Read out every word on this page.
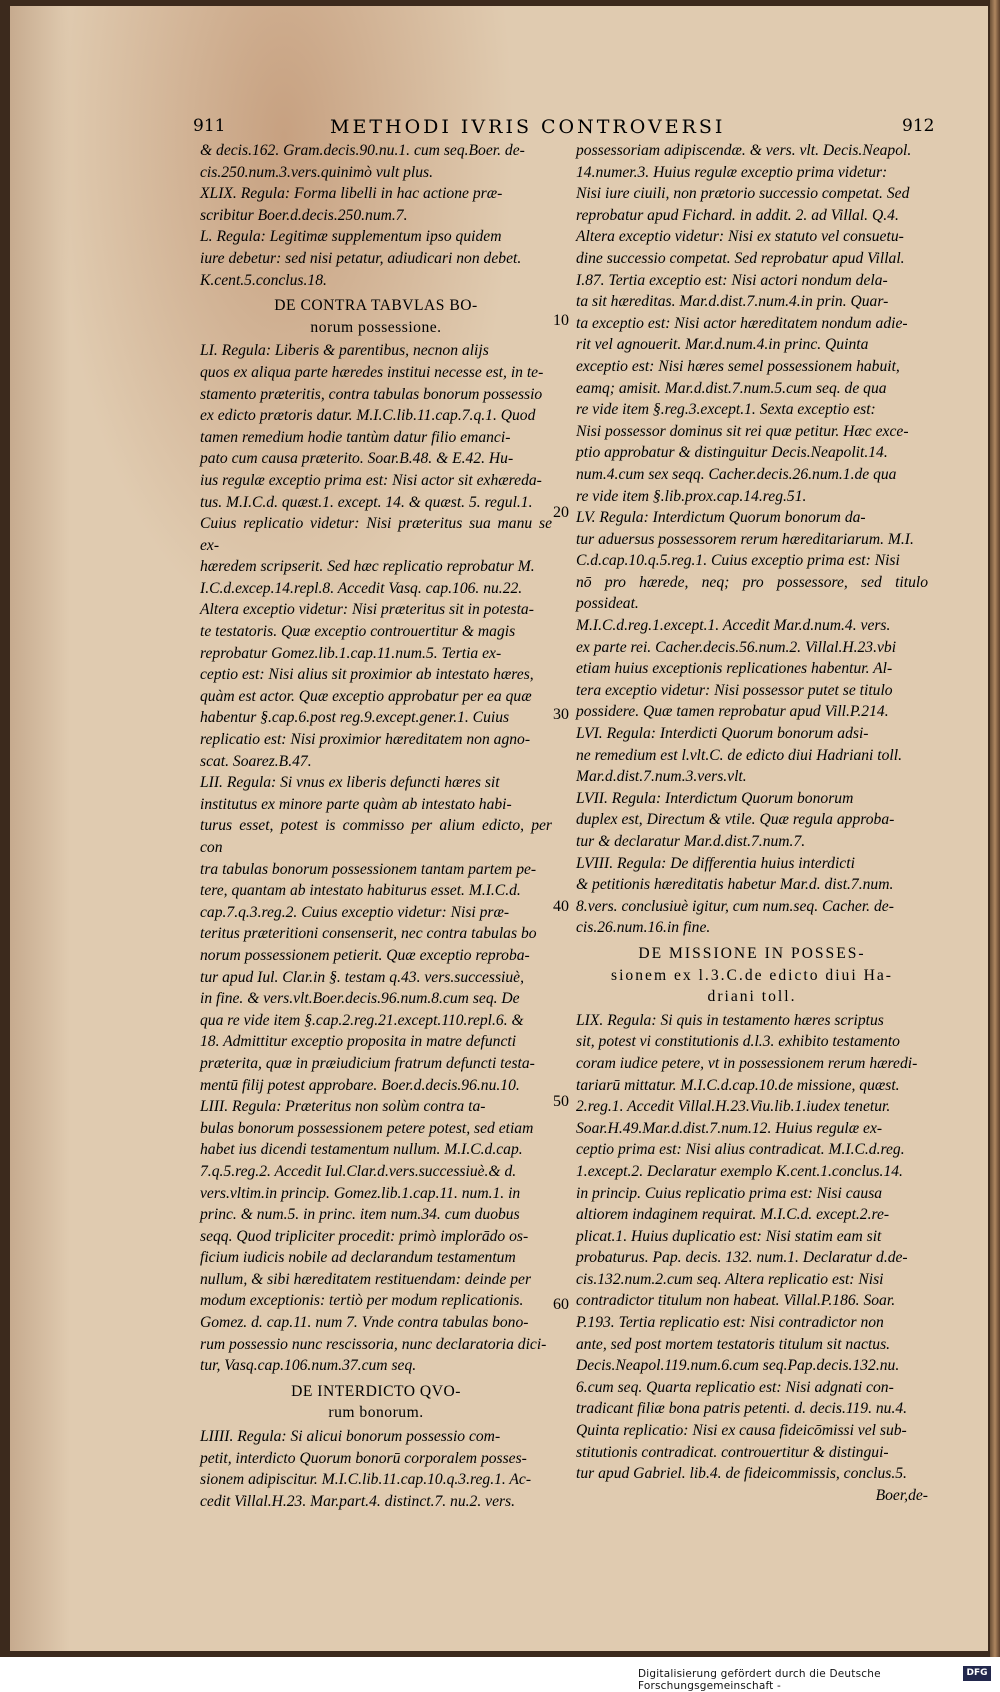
911	METHODI IVRIS CONTROVERSI	912

& decis.162. Gram.decis.90.nu.1. cum seq.Boer. de-
cis.250.num.3.vers.quinimò vult plus.

XLIX. Regula: Forma libelli in hac actione præ-
scribitur Boer.d.decis.250.num.7.

L. Regula: Legitimæ supplementum ipso quidem
iure debetur: sed nisi petatur, adiudicari non debet.
K.cent.5.conclus.18.

DE CONTRA TABVLAS BO-
norum possessione.

LI. Regula: Liberis & parentibus, necnon alijs
quos ex aliqua parte hæredes institui necesse est, in te-
stamento præteritis, contra tabulas bonorum possessio
ex edicto prætoris datur. M.I.C.lib.11.cap.7.q.1. Quod
tamen remedium hodie tantùm datur filio emanci-
pato cum causa præterito. Soar.B.48. & E.42. Hu-
ius regulæ exceptio prima est: Nisi actor sit exhæreda-
tus. M.I.C.d. quæst.1. except. 14. & quæst. 5. regul.1.
Cuius replicatio videtur: Nisi præteritus sua manu se ex-
hæredem scripserit. Sed hæc replicatio reprobatur M.
I.C.d.excep.14.repl.8. Accedit Vasq. cap.106. nu.22.
Altera exceptio videtur: Nisi præteritus sit in potesta-
te testatoris. Quæ exceptio controuertitur & magis
reprobatur Gomez.lib.1.cap.11.num.5. Tertia ex-
ceptio est: Nisi alius sit proximior ab intestato hæres,
quàm est actor. Quæ exceptio approbatur per ea quæ
habentur §.cap.6.post reg.9.except.gener.1. Cuius
replicatio est: Nisi proximior hæreditatem non agno-
scat. Soarez.B.47.

LII. Regula: Si vnus ex liberis defuncti hæres sit
institutus ex minore parte quàm ab intestato habi-
turus esset, potest is commisso per alium edicto, per con
tra tabulas bonorum possessionem tantam partem pe-
tere, quantam ab intestato habiturus esset. M.I.C.d.
cap.7.q.3.reg.2. Cuius exceptio videtur: Nisi præ-
teritus præteritioni consenserit, nec contra tabulas bo
norum possessionem petierit. Quæ exceptio reproba-
tur apud Iul. Clar.in §. testam q.43. vers.successiuè,
in fine. & vers.vlt.Boer.decis.96.num.8.cum seq. De
qua re vide item §.cap.2.reg.21.except.110.repl.6. &
18. Admittitur exceptio proposita in matre defuncti
præterita, quæ in præiudicium fratrum defuncti testa-
mentū filij potest approbare. Boer.d.decis.96.nu.10.

LIII. Regula: Præteritus non solùm contra ta-
bulas bonorum possessionem petere potest, sed etiam
habet ius dicendi testamentum nullum. M.I.C.d.cap.
7.q.5.reg.2. Accedit Iul.Clar.d.vers.successiuè.& d.
vers.vltim.in princip. Gomez.lib.1.cap.11. num.1. in
princ. & num.5. in princ. item num.34. cum duobus
seqq. Quod tripliciter procedit: primò implorādo os-
ficium iudicis nobile ad declarandum testamentum
nullum, & sibi hæreditatem restituendam: deinde per
modum exceptionis: tertiò per modum replicationis.
Gomez. d. cap.11. num 7. Vnde contra tabulas bono-
rum possessio nunc rescissoria, nunc declaratoria dici-
tur, Vasq.cap.106.num.37.cum seq.

DE INTERDICTO QVO-
rum bonorum.

LIIII. Regula: Si alicui bonorum possessio com-
petit, interdicto Quorum bonorū corporalem posses-
sionem adipiscitur. M.I.C.lib.11.cap.10.q.3.reg.1. Ac-
cedit Villal.H.23. Mar.part.4. distinct.7. nu.2. vers.

possessoriam adipiscendæ. & vers. vlt. Decis.Neapol.
14.numer.3. Huius regulæ exceptio prima videtur:
Nisi iure ciuili, non prætorio successio competat. Sed
reprobatur apud Fichard. in addit. 2. ad Villal. Q.4.
Altera exceptio videtur: Nisi ex statuto vel consuetu-
dine successio competat. Sed reprobatur apud Villal.
I.87. Tertia exceptio est: Nisi actori nondum dela-
ta sit hæreditas. Mar.d.dist.7.num.4.in prin. Quar-
ta exceptio est: Nisi actor hæreditatem nondum adie-
rit vel agnouerit. Mar.d.num.4.in princ. Quinta
exceptio est: Nisi hæres semel possessionem habuit,
eamq; amisit. Mar.d.dist.7.num.5.cum seq. de qua
re vide item §.reg.3.except.1. Sexta exceptio est:
Nisi possessor dominus sit rei quæ petitur. Hæc exce-
ptio approbatur & distinguitur Decis.Neapolit.14.
num.4.cum sex seqq. Cacher.decis.26.num.1.de qua
re vide item §.lib.prox.cap.14.reg.51.

LV. Regula: Interdictum Quorum bonorum da-
tur aduersus possessorem rerum hæreditariarum. M.I.
C.d.cap.10.q.5.reg.1. Cuius exceptio prima est: Nisi
nō pro hærede, neq; pro possessore, sed titulo possideat.
M.I.C.d.reg.1.except.1. Accedit Mar.d.num.4. vers.
ex parte rei. Cacher.decis.56.num.2. Villal.H.23.vbi
etiam huius exceptionis replicationes habentur. Al-
tera exceptio videtur: Nisi possessor putet se titulo
possidere. Quæ tamen reprobatur apud Vill.P.214.

LVI. Regula: Interdicti Quorum bonorum adsi-
ne remedium est l.vlt.C. de edicto diui Hadriani toll.
Mar.d.dist.7.num.3.vers.vlt.

LVII. Regula: Interdictum Quorum bonorum
duplex est, Directum & vtile. Quæ regula approba-
tur & declaratur Mar.d.dist.7.num.7.

LVIII. Regula: De differentia huius interdicti
& petitionis hæreditatis habetur Mar.d. dist.7.num.
8.vers. conclusiuè igitur, cum num.seq. Cacher. de-
cis.26.num.16.in fine.

DE MISSIONE IN POSSES-
sionem ex l.3.C.de edicto diui Ha-
driani toll.

LIX. Regula: Si quis in testamento hæres scriptus
sit, potest vi constitutionis d.l.3. exhibito testamento
coram iudice petere, vt in possessionem rerum hæredi-
tariarū mittatur. M.I.C.d.cap.10.de missione, quæst.
2.reg.1. Accedit Villal.H.23.Viu.lib.1.iudex tenetur.
Soar.H.49.Mar.d.dist.7.num.12. Huius regulæ ex-
ceptio prima est: Nisi alius contradicat. M.I.C.d.reg.
1.except.2. Declaratur exemplo K.cent.1.conclus.14.
in princip. Cuius replicatio prima est: Nisi causa
altiorem indaginem requirat. M.I.C.d. except.2.re-
plicat.1. Huius duplicatio est: Nisi statim eam sit
probaturus. Pap. decis. 132. num.1. Declaratur d.de-
cis.132.num.2.cum seq. Altera replicatio est: Nisi
contradictor titulum non habeat. Villal.P.186. Soar.
P.193. Tertia replicatio est: Nisi contradictor non
ante, sed post mortem testatoris titulum sit nactus.
Decis.Neapol.119.num.6.cum seq.Pap.decis.132.nu.
6.cum seq. Quarta replicatio est: Nisi adgnati con-
tradicant filiæ bona patris petenti. d. decis.119. nu.4.
Quinta replicatio: Nisi ex causa fideicōmissi vel sub-
stitutionis contradicat. controuertitur & distingui-
tur apud Gabriel. lib.4. de fideicommissis, conclus.5.

Boer,de-

10
20
30
40
50
60
Digitalisierung gefördert durch die Deutsche Forschungsgemeinschaft -
DFG
